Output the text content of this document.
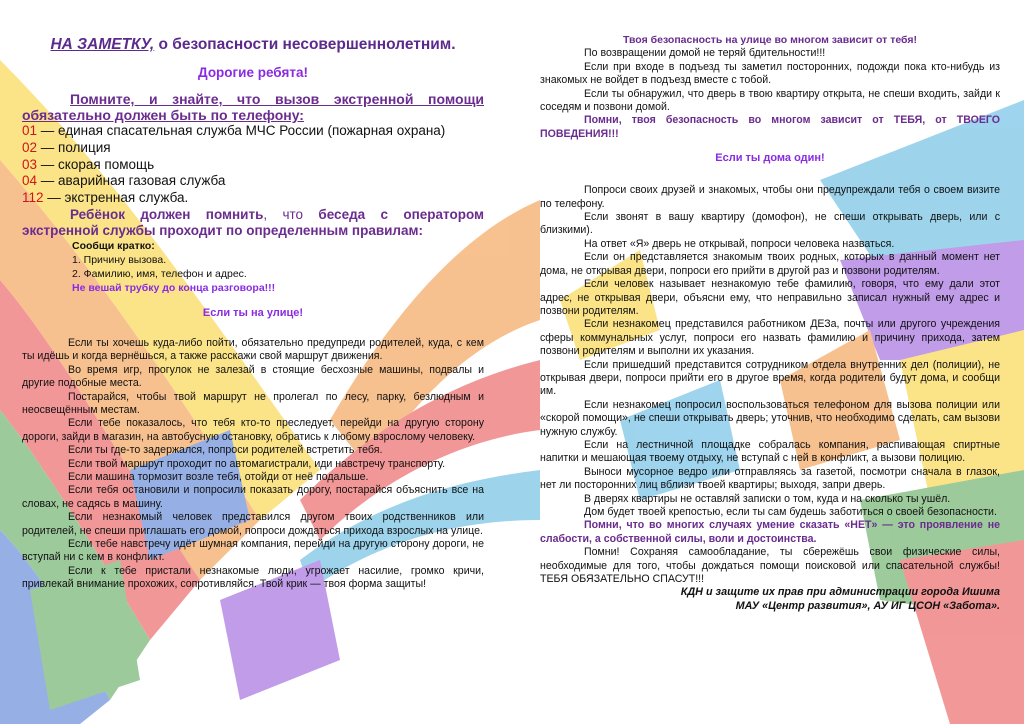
НА ЗАМЕТКУ, о безопасности несовершеннолетним.
Дорогие ребята!
Помните, и знайте, что вызов экстренной помощи обязательно должен быть по телефону:
01 — единая спасательная служба МЧС России (пожарная охрана)
02 — полиция
03 — скорая помощь
04 — аварийная газовая служба
112 — экстренная служба.
Ребёнок должен помнить, что беседа с оператором экстренной службы проходит по определенным правилам:
Сообщи кратко:
1. Причину вызова.
2. Фамилию, имя, телефон и адрес.
Не вешай трубку до конца разговора!!!
Если ты на улице!

Если ты хочешь куда-либо пойти, обязательно предупреди родителей, куда, с кем ты идёшь и когда вернёшься, а также расскажи свой маршрут движения.

Во время игр, прогулок не залезай в стоящие бесхозные машины, подвалы и другие подобные места.

Постарайся, чтобы твой маршрут не пролегал по лесу, парку, безлюдным и неосвещённым местам.

Если тебе показалось, что тебя кто-то преследует, перейди на другую сторону дороги, зайди в магазин, на автобусную остановку, обратись к любому взрослому человеку.

Если ты где-то задержался, попроси родителей встретить тебя.

Если твой маршрут проходит по автомагистрали, иди навстречу транспорту.

Если машина тормозит возле тебя, отойди от неё подальше.

Если тебя остановили и попросили показать дорогу, постарайся объяснить все на словах, не садясь в машину.

Если незнакомый человек представился другом твоих родственников или родителей, не спеши приглашать его домой, попроси дождаться прихода взрослых на улице.

Если тебе навстречу идёт шумная компания, перейди на другую сторону дороги, не вступай ни с кем в конфликт.

Если к тебе пристали незнакомые люди, угрожает насилие, громко кричи, привлекай внимание прохожих, сопротивляйся. Твой крик — твоя форма защиты!

Твоя безопасность на улице во многом зависит от тебя!

По возвращении домой не теряй бдительности!!!

Если при входе в подъезд ты заметил посторонних, подожди пока кто-нибудь из знакомых не войдет в подъезд вместе с тобой.

Если ты обнаружил, что дверь в твою квартиру открыта, не спеши входить, зайди к соседям и позвони домой.

Помни, твоя безопасность во многом зависит от ТЕБЯ, от ТВОЕГО ПОВЕДЕНИЯ!!!

Если ты дома один!

Попроси своих друзей и знакомых, чтобы они предупреждали тебя о своем визите по телефону.

Если звонят в вашу квартиру (домофон), не спеши открывать дверь, или с близкими).

На ответ «Я» дверь не открывай, попроси человека назваться.

Если он представляется знакомым твоих родных, которых в данный момент нет дома, не открывая двери, попроси его прийти в другой раз и позвони родителям.

Если человек называет незнакомую тебе фамилию, говоря, что ему дали этот адрес, не открывая двери, объясни ему, что неправильно записал нужный ему адрес и позвони родителям.

Если незнакомец представился работником ДЕЗа, почты или другого учреждения сферы коммунальных услуг, попроси его назвать фамилию и причину прихода, затем позвони родителям и выполни их указания.

Если пришедший представится сотрудником отдела внутренних дел (полиции), не открывая двери, попроси прийти его в другое время, когда родители будут дома, и сообщи им.

Если незнакомец попросил воспользоваться телефоном для вызова полиции или «скорой помощи», не спеши открывать дверь; уточнив, что необходимо сделать, сам вызови нужную службу.

Если на лестничной площадке собралась компания, распивающая спиртные напитки и мешающая твоему отдыху, не вступай с ней в конфликт, а вызови полицию.

Выноси мусорное ведро или отправляясь за газетой, посмотри сначала в глазок, нет ли посторонних лиц вблизи твоей квартиры; выходя, запри дверь.

В дверях квартиры не оставляй записки о том, куда и на сколько ты ушёл.

Дом будет твоей крепостью, если ты сам будешь заботиться о своей безопасности.

Помни, что во многих случаях умение сказать «НЕТ» — это проявление не слабости, а собственной силы, воли и достоинства.

Помни! Сохраняя самообладание, ты сбережёшь свои физические силы, необходимые для того, чтобы дождаться помощи поисковой или спасательной службы! ТЕБЯ ОБЯЗАТЕЛЬНО СПАСУТ!!!

КДН и защите их прав при администрации города Ишима
МАУ «Центр развития», АУ ИГ ЦСОН «Забота».
